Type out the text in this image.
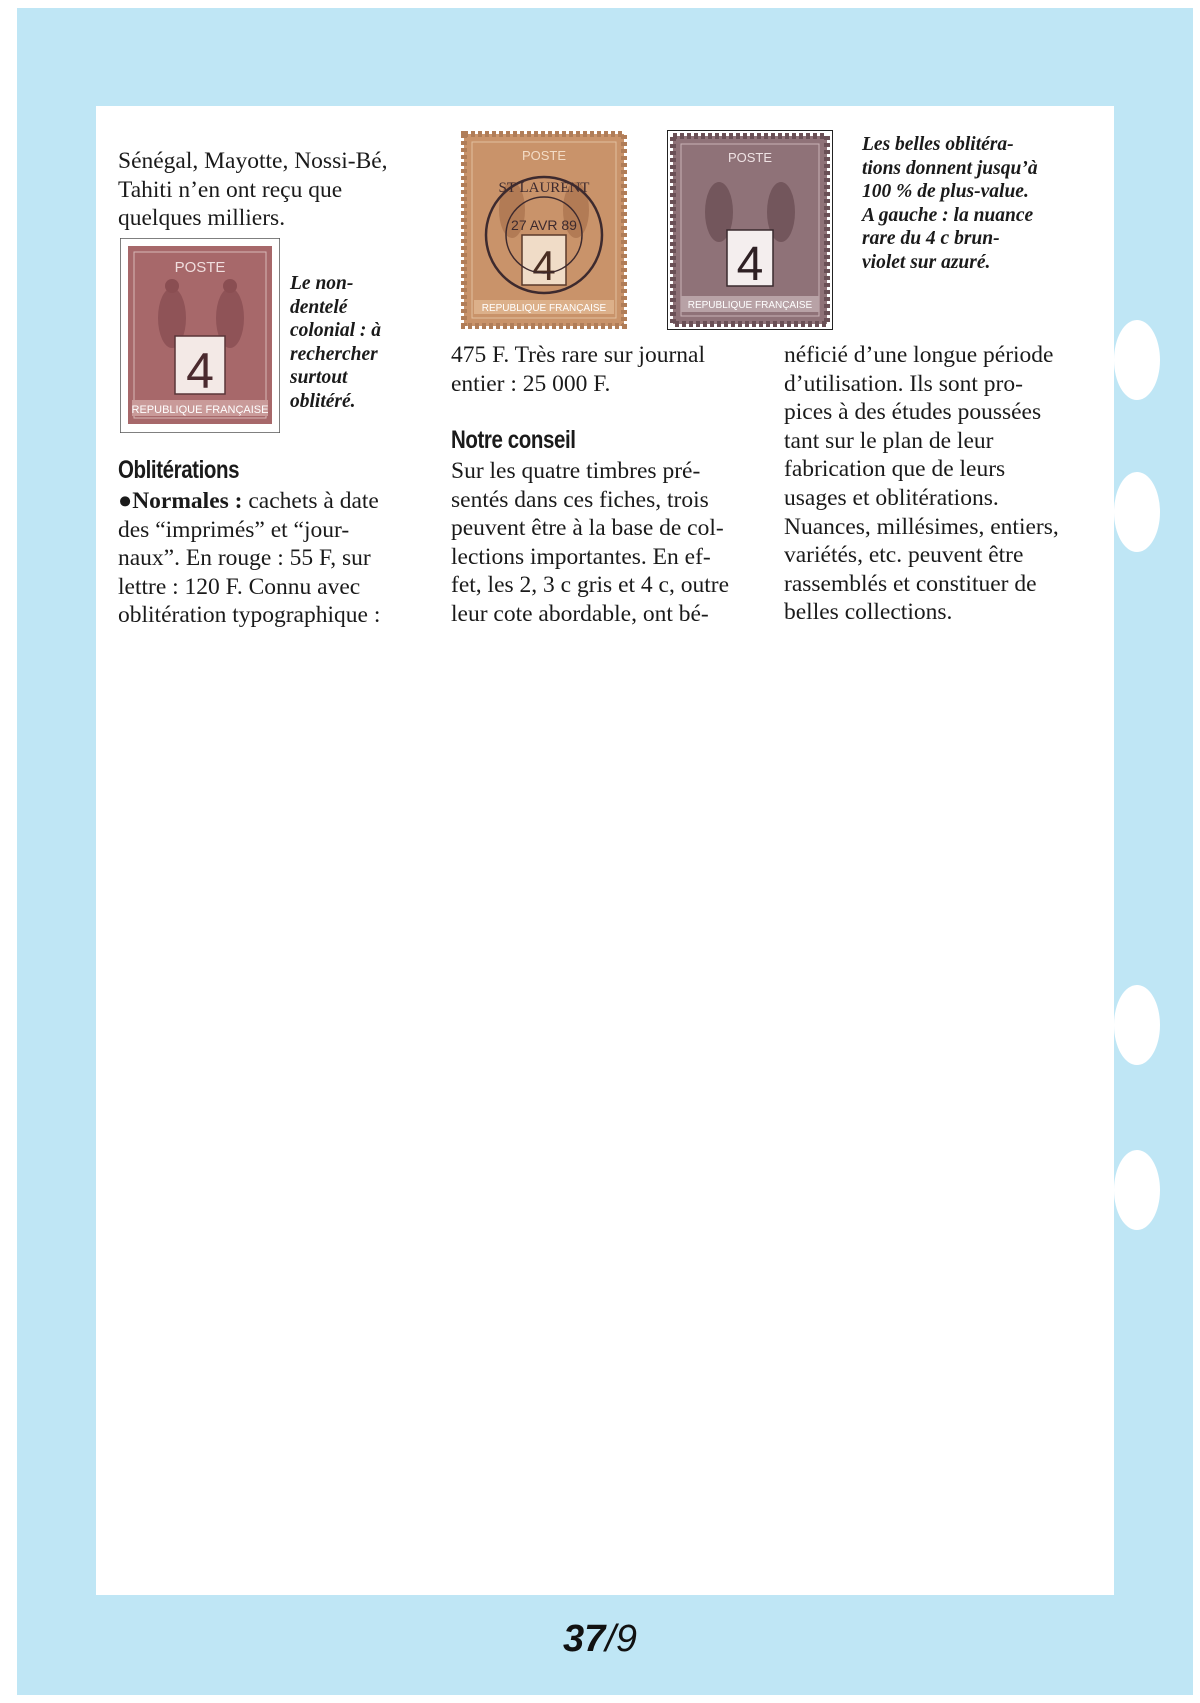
Sénégal, Mayotte, Nossi-Bé,
Tahiti n’en ont reçu que
quelques milliers.
POSTE
4
REPUBLIQUE FRANÇAISE
Le non-
dentelé
colonial : à
rechercher
surtout
oblitéré.
Oblitérations
●Normales : cachets à date
des “imprimés” et “jour-
naux”. En rouge : 55 F, sur
lettre : 120 F. Connu avec
oblitération typographique :
POSTE
4
ST LAURENT
27 AVR 89
REPUBLIQUE FRANÇAISE
POSTE
4
REPUBLIQUE FRANÇAISE
Les belles oblitéra-
tions donnent jusqu’à
100 % de plus-value.
A gauche : la nuance
rare du 4 c brun-
violet sur azuré.
475 F. Très rare sur journal
entier : 25 000 F.
Notre conseil
Sur les quatre timbres pré-
sentés dans ces fiches, trois
peuvent être à la base de col-
lections importantes. En ef-
fet, les 2, 3 c gris et 4 c, outre
leur cote abordable, ont bé-
néficié d’une longue période
d’utilisation. Ils sont pro-
pices à des études poussées
tant sur le plan de leur
fabrication que de leurs
usages et oblitérations.
Nuances, millésimes, entiers,
variétés, etc. peuvent être
rassemblés et constituer de
belles collections.
37/9
